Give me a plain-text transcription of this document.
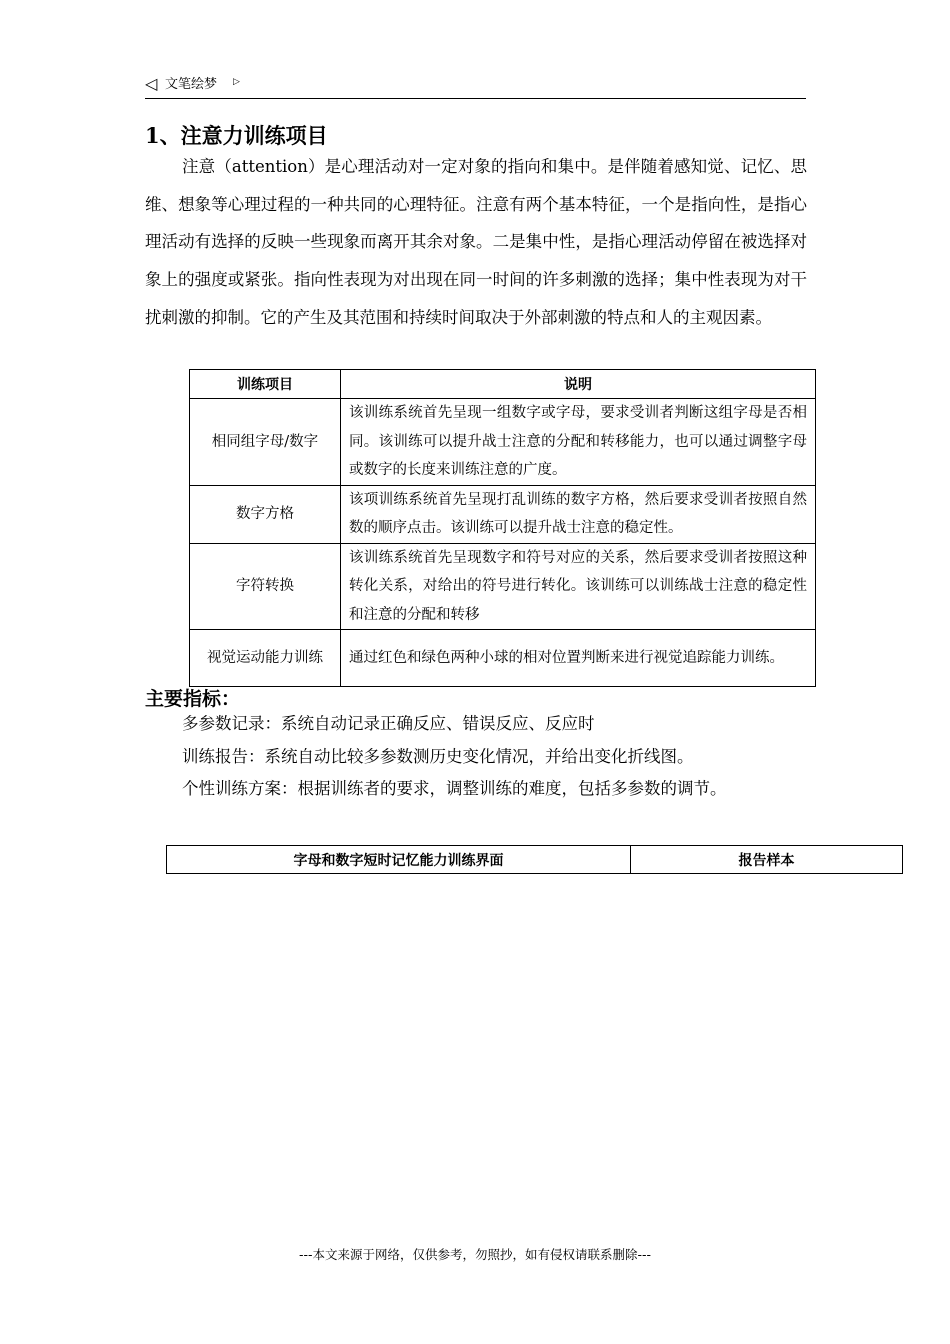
◁ 文笔绘梦 ▷
1、注意力训练项目

注意（attention）是心理活动对一定对象的指向和集中。是伴随着感知觉、记忆、思维、想象等心理过程的一种共同的心理特征。注意有两个基本特征，一个是指向性，是指心理活动有选择的反映一些现象而离开其余对象。二是集中性，是指心理活动停留在被选择对象上的强度或紧张。指向性表现为对出现在同一时间的许多刺激的选择；集中性表现为对干扰刺激的抑制。它的产生及其范围和持续时间取决于外部刺激的特点和人的主观因素。

训练项目	说明
相同组字母/数字	该训练系统首先呈现一组数字或字母，要求受训者判断这组字母是否相同。该训练可以提升战士注意的分配和转移能力，也可以通过调整字母或数字的长度来训练注意的广度。
数字方格	该项训练系统首先呈现打乱训练的数字方格，然后要求受训者按照自然数的顺序点击。该训练可以提升战士注意的稳定性。
字符转换	该训练系统首先呈现数字和符号对应的关系，然后要求受训者按照这种转化关系，对给出的符号进行转化。该训练可以训练战士注意的稳定性和注意的分配和转移
视觉运动能力训练	通过红色和绿色两种小球的相对位置判断来进行视觉追踪能力训练。
主要指标：

多参数记录：系统自动记录正确反应、错误反应、反应时

训练报告：系统自动比较多参数测历史变化情况，并给出变化折线图。

个性训练方案：根据训练者的要求，调整训练的难度，包括多参数的调节。

字母和数字短时记忆能力训练界面	报告样本
---本文来源于网络，仅供参考，勿照抄，如有侵权请联系删除---
